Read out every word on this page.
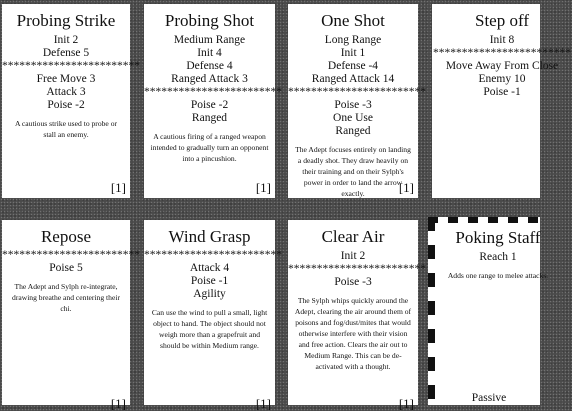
Probing Strike
Init 2
Defense 5
************************
Free Move 3
Attack 3
Poise -2
A cautious strike used to probe or stall an enemy.
[1]
Probing Shot
Medium Range
Init 4
Defense 4
Ranged Attack 3
************************
Poise -2
Ranged
A cautious firing of a ranged weapon intended to gradually turn an opponent into a pincushion.
[1]
One Shot
Long Range
Init 1
Defense -4
Ranged Attack 14
************************
Poise -3
One Use
Ranged
The Adept focuses entirely on landing a deadly shot. They draw heavily on their training and on their Sylph's power in order to land the arrow exactly.	[1]
Step off
Init 8
************************
Move Away From Close
Enemy 10
Poise -1
Repose
************************
Poise 5
The Adept and Sylph re-integrate, drawing breathe and centering their chi.
[1]
Wind Grasp
************************
Attack 4
Poise -1
Agility
Can use the wind to pull a small, light object to hand. The object should not weigh more than a grapefruit and should be within Medium range.
[1]
Clear Air
Init 2
************************
Poise -3
The Sylph whips quickly around the Adept, clearing the air around them of poisons and fog/dust/mites that would otherwise interfere with their vision and free action. Clears the air out to Medium Range. This can be de-activated with a thought.
[1]
Poking Staff
Reach 1
Adds one range to melee attacks.
Passive
